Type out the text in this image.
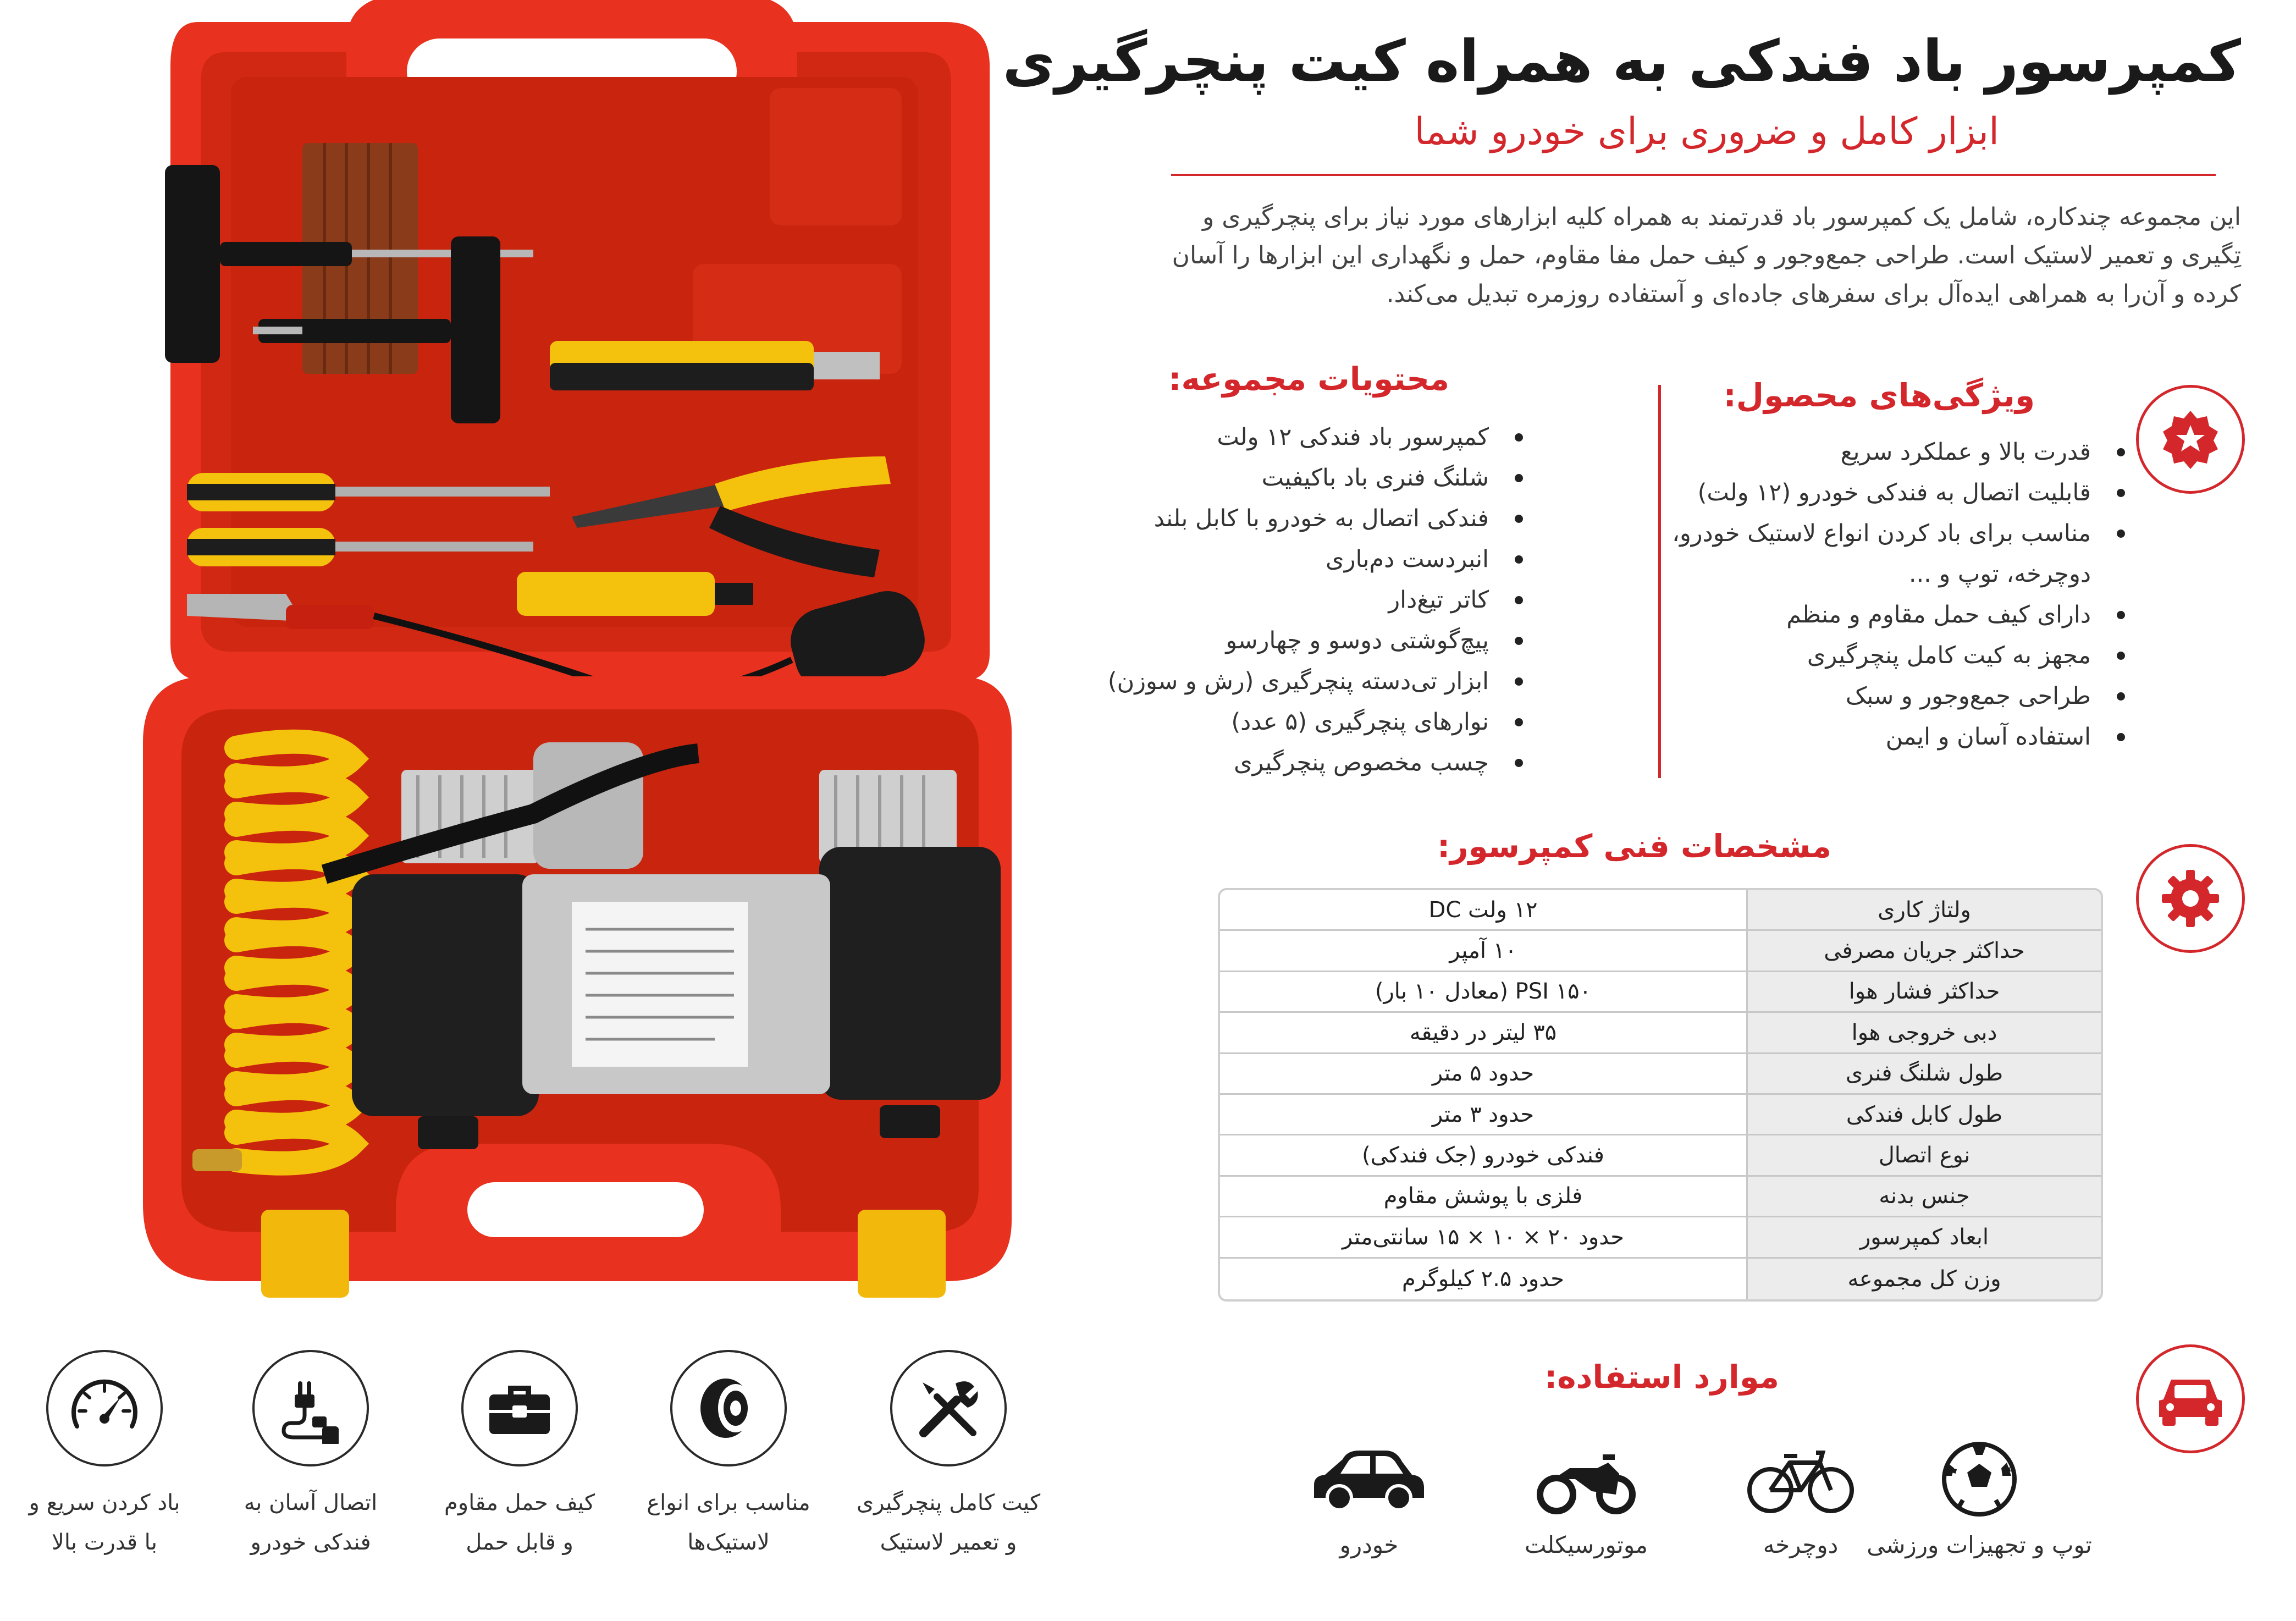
کمپرسور باد فندکی به همراه کیت پنچرگیری
ابزار کامل و ضروری برای خودرو شما
این مجموعه چندکاره، شامل یک کمپرسور باد قدرتمند به همراه کلیه ابزارهای مورد نیاز برای پنچرگیری و تِگیری و تعمیر لاستیک است. طراحی جمع‌وجور و کیف حمل مفا مقاوم، حمل و نگهداری این ابزارها را آسان کرده و آن‌را به همراهی ایده‌آل برای سفرهای جاده‌ای و آستفاده روزمره تبدیل می‌کند.
ویژگی‌های محصول:
قدرت بالا و عملکرد سریع
قابلیت اتصال به فندکی خودرو (۱۲ ولت)
مناسب برای باد کردن انواع لاستیک خودرو، دوچرخه، توپ و ...
دارای کیف حمل مقاوم و منظم
مجهز به کیت کامل پنچرگیری
طراحی جمع‌وجور و سبک
استفاده آسان و ایمن
محتویات مجموعه:
کمپرسور باد فندکی ۱۲ ولت
شلنگ فنری باد باکیفیت
فندکی اتصال به خودرو با کابل بلند
انبردست دم‌باری
کاتر تیغ‌دار
پیچ‌گوشتی دوسو و چهارسو
ابزار تی‌دسته پنچرگیری (رش و سوزن)
نوارهای پنچرگیری (۵ عدد)
چسب مخصوص پنچرگیری
مشخصات فنی کمپرسور:
ولتاژ کاری	۱۲ ولت DC
حداکثر جریان مصرفی	۱۰ آمپر
حداکثر فشار هوا	۱۵۰ PSI (معادل ۱۰ بار)
دبی خروجی هوا	۳۵ لیتر در دقیقه
طول شلنگ فنری	حدود ۵ متر
طول کابل فندکی	حدود ۳ متر
نوع اتصال	فندکی خودرو (جک فندکی)
جنس بدنه	فلزی با پوشش مقاوم
ابعاد کمپرسور	حدود ۲۰ × ۱۰ × ۱۵ سانتی‌متر
وزن کل مجموعه	حدود ۲.۵ کیلوگرم
موارد استفاده:
توپ و تجهیزات ورزشی
دوچرخه
موتورسیکلت
خودرو
کیت کامل پنچرگیری
و تعمیر لاستیک
مناسب برای انواع
لاستیک‌ها
کیف حمل مقاوم
و قابل حمل
اتصال آسان به
فندکی خودرو
باد کردن سریع و
با قدرت بالا
